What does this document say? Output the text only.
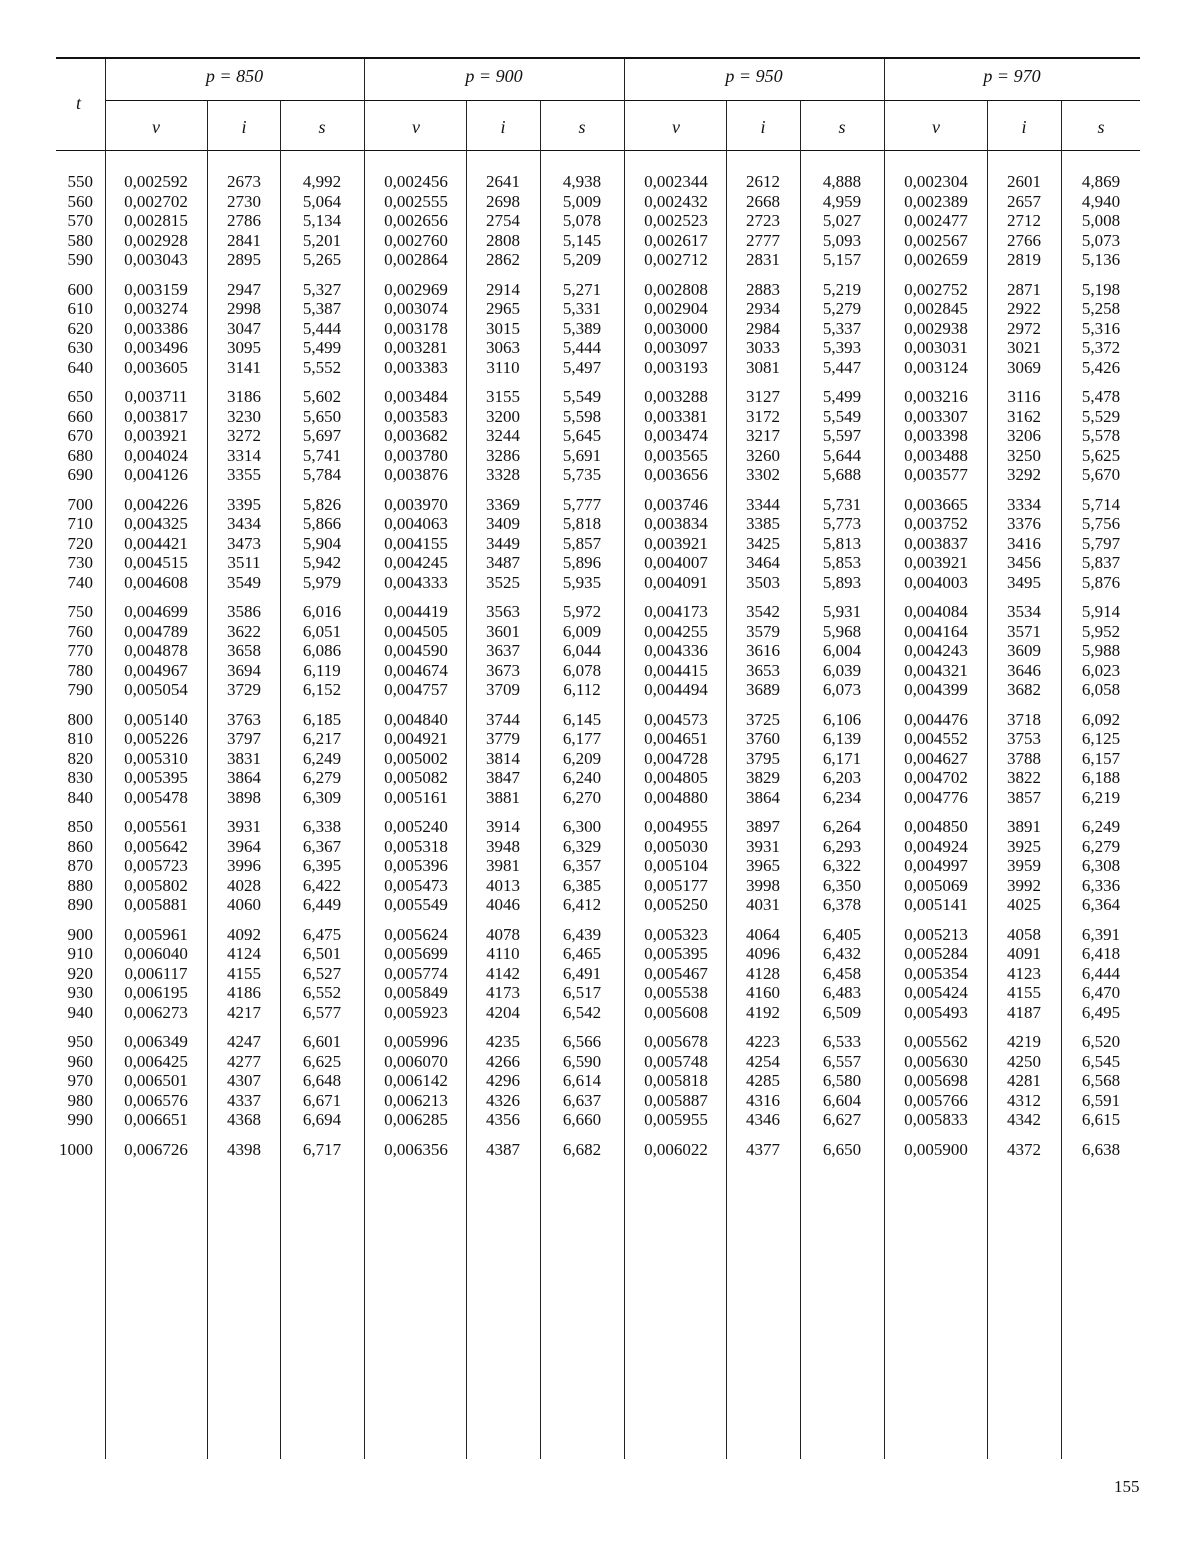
t
p = 850
v	i	s
p = 900
v	i	s
p = 950
v	i	s
p = 970
v	i	s
550	0,002592	2673	4,992	0,002456	2641	4,938	0,002344	2612	4,888	0,002304	2601	4,869
560	0,002702	2730	5,064	0,002555	2698	5,009	0,002432	2668	4,959	0,002389	2657	4,940
570	0,002815	2786	5,134	0,002656	2754	5,078	0,002523	2723	5,027	0,002477	2712	5,008
580	0,002928	2841	5,201	0,002760	2808	5,145	0,002617	2777	5,093	0,002567	2766	5,073
590	0,003043	2895	5,265	0,002864	2862	5,209	0,002712	2831	5,157	0,002659	2819	5,136
600	0,003159	2947	5,327	0,002969	2914	5,271	0,002808	2883	5,219	0,002752	2871	5,198
610	0,003274	2998	5,387	0,003074	2965	5,331	0,002904	2934	5,279	0,002845	2922	5,258
620	0,003386	3047	5,444	0,003178	3015	5,389	0,003000	2984	5,337	0,002938	2972	5,316
630	0,003496	3095	5,499	0,003281	3063	5,444	0,003097	3033	5,393	0,003031	3021	5,372
640	0,003605	3141	5,552	0,003383	3110	5,497	0,003193	3081	5,447	0,003124	3069	5,426
650	0,003711	3186	5,602	0,003484	3155	5,549	0,003288	3127	5,499	0,003216	3116	5,478
660	0,003817	3230	5,650	0,003583	3200	5,598	0,003381	3172	5,549	0,003307	3162	5,529
670	0,003921	3272	5,697	0,003682	3244	5,645	0,003474	3217	5,597	0,003398	3206	5,578
680	0,004024	3314	5,741	0,003780	3286	5,691	0,003565	3260	5,644	0,003488	3250	5,625
690	0,004126	3355	5,784	0,003876	3328	5,735	0,003656	3302	5,688	0,003577	3292	5,670
700	0,004226	3395	5,826	0,003970	3369	5,777	0,003746	3344	5,731	0,003665	3334	5,714
710	0,004325	3434	5,866	0,004063	3409	5,818	0,003834	3385	5,773	0,003752	3376	5,756
720	0,004421	3473	5,904	0,004155	3449	5,857	0,003921	3425	5,813	0,003837	3416	5,797
730	0,004515	3511	5,942	0,004245	3487	5,896	0,004007	3464	5,853	0,003921	3456	5,837
740	0,004608	3549	5,979	0,004333	3525	5,935	0,004091	3503	5,893	0,004003	3495	5,876
750	0,004699	3586	6,016	0,004419	3563	5,972	0,004173	3542	5,931	0,004084	3534	5,914
760	0,004789	3622	6,051	0,004505	3601	6,009	0,004255	3579	5,968	0,004164	3571	5,952
770	0,004878	3658	6,086	0,004590	3637	6,044	0,004336	3616	6,004	0,004243	3609	5,988
780	0,004967	3694	6,119	0,004674	3673	6,078	0,004415	3653	6,039	0,004321	3646	6,023
790	0,005054	3729	6,152	0,004757	3709	6,112	0,004494	3689	6,073	0,004399	3682	6,058
800	0,005140	3763	6,185	0,004840	3744	6,145	0,004573	3725	6,106	0,004476	3718	6,092
810	0,005226	3797	6,217	0,004921	3779	6,177	0,004651	3760	6,139	0,004552	3753	6,125
820	0,005310	3831	6,249	0,005002	3814	6,209	0,004728	3795	6,171	0,004627	3788	6,157
830	0,005395	3864	6,279	0,005082	3847	6,240	0,004805	3829	6,203	0,004702	3822	6,188
840	0,005478	3898	6,309	0,005161	3881	6,270	0,004880	3864	6,234	0,004776	3857	6,219
850	0,005561	3931	6,338	0,005240	3914	6,300	0,004955	3897	6,264	0,004850	3891	6,249
860	0,005642	3964	6,367	0,005318	3948	6,329	0,005030	3931	6,293	0,004924	3925	6,279
870	0,005723	3996	6,395	0,005396	3981	6,357	0,005104	3965	6,322	0,004997	3959	6,308
880	0,005802	4028	6,422	0,005473	4013	6,385	0,005177	3998	6,350	0,005069	3992	6,336
890	0,005881	4060	6,449	0,005549	4046	6,412	0,005250	4031	6,378	0,005141	4025	6,364
900	0,005961	4092	6,475	0,005624	4078	6,439	0,005323	4064	6,405	0,005213	4058	6,391
910	0,006040	4124	6,501	0,005699	4110	6,465	0,005395	4096	6,432	0,005284	4091	6,418
920	0,006117	4155	6,527	0,005774	4142	6,491	0,005467	4128	6,458	0,005354	4123	6,444
930	0,006195	4186	6,552	0,005849	4173	6,517	0,005538	4160	6,483	0,005424	4155	6,470
940	0,006273	4217	6,577	0,005923	4204	6,542	0,005608	4192	6,509	0,005493	4187	6,495
950	0,006349	4247	6,601	0,005996	4235	6,566	0,005678	4223	6,533	0,005562	4219	6,520
960	0,006425	4277	6,625	0,006070	4266	6,590	0,005748	4254	6,557	0,005630	4250	6,545
970	0,006501	4307	6,648	0,006142	4296	6,614	0,005818	4285	6,580	0,005698	4281	6,568
980	0,006576	4337	6,671	0,006213	4326	6,637	0,005887	4316	6,604	0,005766	4312	6,591
990	0,006651	4368	6,694	0,006285	4356	6,660	0,005955	4346	6,627	0,005833	4342	6,615
1000	0,006726	4398	6,717	0,006356	4387	6,682	0,006022	4377	6,650	0,005900	4372	6,638
155
